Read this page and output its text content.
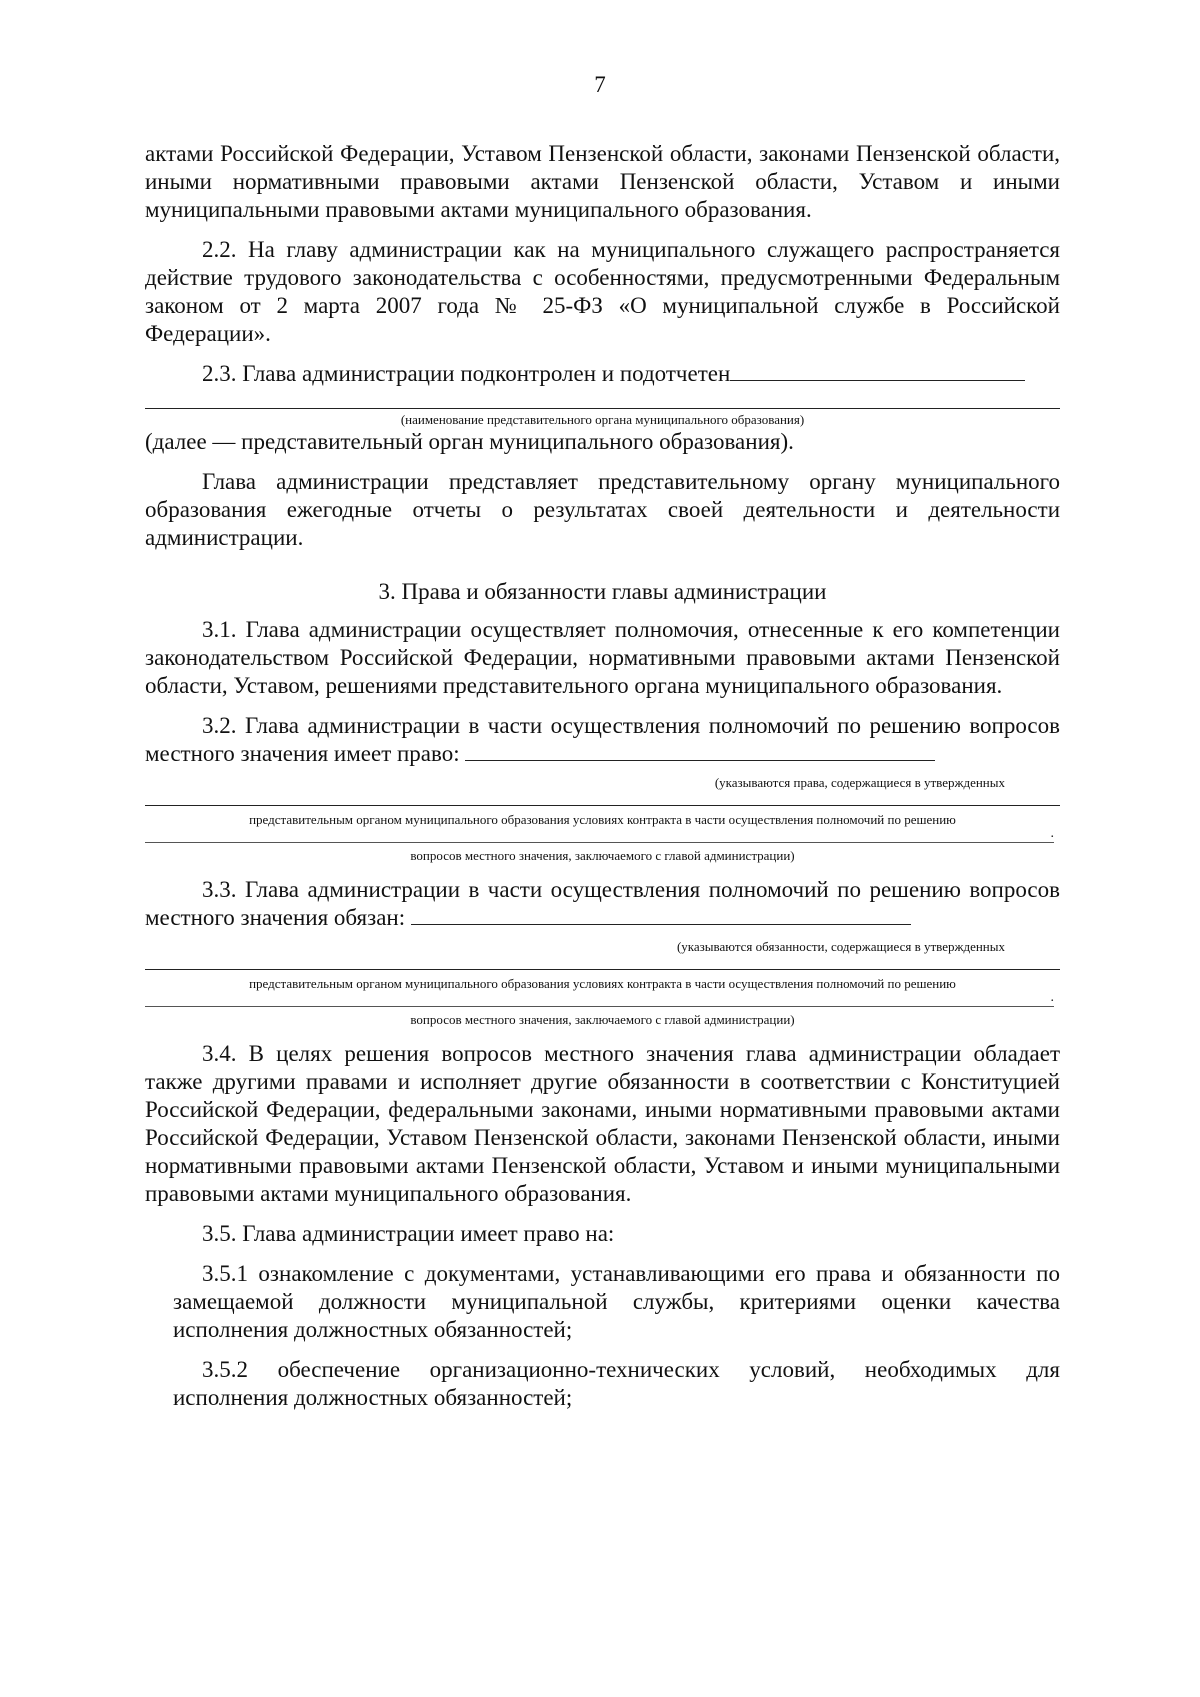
7

актами Российской Федерации, Уставом Пензенской области, законами Пензенской области, иными нормативными правовыми актами Пензенской области, Уставом и иными муниципальными правовыми актами муниципального образования.

2.2. На главу администрации как на муниципального служащего распространяется действие трудового законодательства с особенностями, предусмотренными Федеральным законом от 2 марта 2007 года № 25-ФЗ «О муниципальной службе в Российской Федерации».

2.3. Глава администрации подконтролен и подотчетен

(наименование представительного органа муниципального образования)

(далее — представительный орган муниципального образования).

Глава администрации представляет представительному органу муниципального образования ежегодные отчеты о результатах своей деятельности и деятельности администрации.

3. Права и обязанности главы администрации

3.1. Глава администрации осуществляет полномочия, отнесенные к его компетенции законодательством Российской Федерации, нормативными правовыми актами Пензенской области, Уставом, решениями представительного органа муниципального образования.

3.2. Глава администрации в части осуществления полномочий по решению вопросов местного значения имеет право:

(указываются права, содержащиеся в утвержденных
представительным органом муниципального образования условиях контракта в части осуществления полномочий по решению
.
вопросов местного значения, заключаемого с главой администрации)

3.3. Глава администрации в части осуществления полномочий по решению вопросов местного значения обязан:

(указываются обязанности, содержащиеся в утвержденных
представительным органом муниципального образования условиях контракта в части осуществления полномочий по решению
.
вопросов местного значения, заключаемого с главой администрации)

3.4. В целях решения вопросов местного значения глава администрации обладает также другими правами и исполняет другие обязанности в соответствии с Конституцией Российской Федерации, федеральными законами, иными нормативными правовыми актами Российской Федерации, Уставом Пензенской области, законами Пензенской области, иными нормативными правовыми актами Пензенской области, Уставом и иными муниципальными правовыми актами муниципального образования.

3.5. Глава администрации имеет право на:

3.5.1 ознакомление с документами, устанавливающими его права и обязанности по замещаемой должности муниципальной службы, критериями оценки качества исполнения должностных обязанностей;

3.5.2 обеспечение организационно-технических условий, необходимых для исполнения должностных обязанностей;
